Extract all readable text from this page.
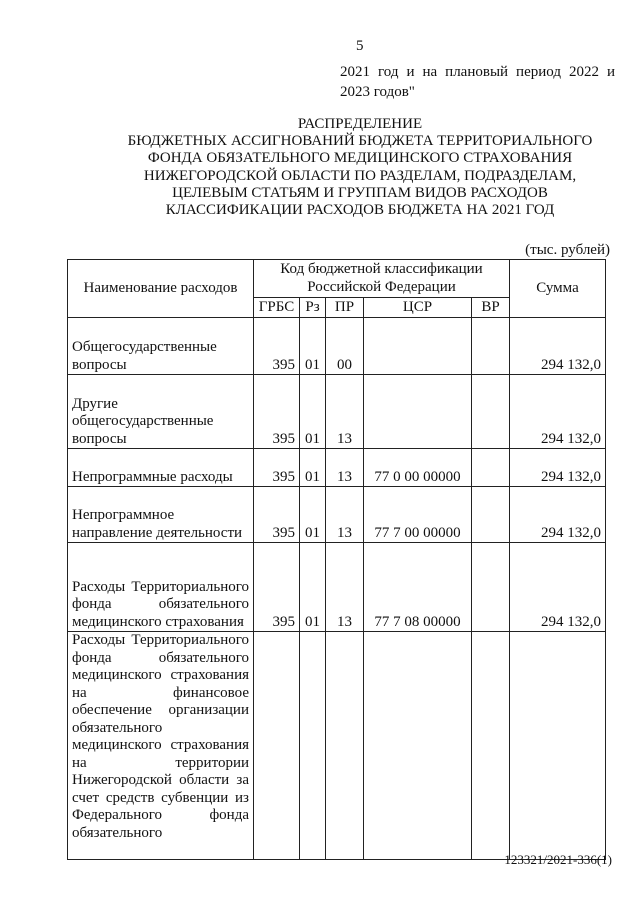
5
2021 год и на плановый период 2022 и 2023 годов"
РАСПРЕДЕЛЕНИЕ
БЮДЖЕТНЫХ АССИГНОВАНИЙ БЮДЖЕТА ТЕРРИТОРИАЛЬНОГО
ФОНДА ОБЯЗАТЕЛЬНОГО МЕДИЦИНСКОГО СТРАХОВАНИЯ
НИЖЕГОРОДСКОЙ ОБЛАСТИ ПО РАЗДЕЛАМ, ПОДРАЗДЕЛАМ,
ЦЕЛЕВЫМ СТАТЬЯМ И ГРУППАМ ВИДОВ РАСХОДОВ
КЛАССИФИКАЦИИ РАСХОДОВ БЮДЖЕТА НА 2021 ГОД
(тыс. рублей)
Наименование расходов	Код бюджетной классификации Российской Федерации					Сумма
	ГРБС	Рз	ПР	ЦСР	ВР	
Общегосударственные вопросы	395	01	00			294 132,0
Другие общегосударственные вопросы	395	01	13			294 132,0
Непрограммные расходы	395	01	13	77 0 00 00000		294 132,0
Непрограммное направление деятельности	395	01	13	77 7 00 00000		294 132,0
Расходы Территориального фонда обязательного медицинского страхования	395	01	13	77 7 08 00000		294 132,0
Расходы Территориального фонда обязательного медицинского страхования на финансовое обеспечение организации обязательного медицинского страхования на территории Нижегородской области за счет средств субвенции из Федерального фонда обязательного						
123321/2021-336(1)
